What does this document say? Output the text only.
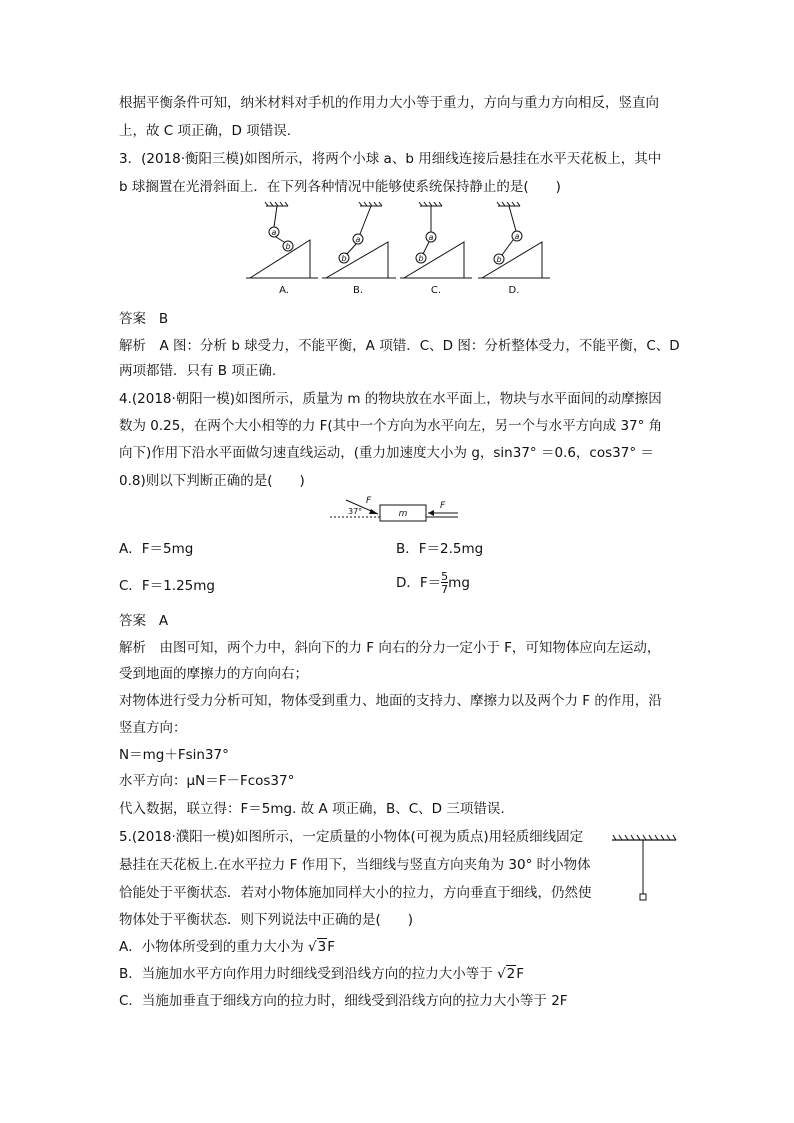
根据平衡条件可知，纳米材料对手机的作用力大小等于重力，方向与重力方向相反，竖直向
上，故 C 项正确，D 项错误.
3．(2018·衡阳三模)如图所示，将两个小球 a、b 用细线连接后悬挂在水平天花板上，其中
b 球搁置在光滑斜面上．在下列各种情况中能够使系统保持静止的是(　　)
a
b
a
b
a
b
a
b
A.	B.	C.	D.
答案 B
解析　A 图：分析 b 球受力，不能平衡，A 项错．C、D 图：分析整体受力，不能平衡，C、D
两项都错．只有 B 项正确.
4.(2018·朝阳一模)如图所示，质量为 m 的物块放在水平面上，物块与水平面间的动摩擦因
数为 0.25，在两个大小相等的力 F(其中一个方向为水平向左，另一个与水平方向成 37° 角
向下)作用下沿水平面做匀速直线运动，(重力加速度大小为 g，sin37° ＝0.6，cos37° ＝
0.8)则以下判断正确的是(　　)
F
37°	m
F
A．F＝5mg	B．F＝2.5mg
C．F＝1.25mg	D．$F= \frac{5}{7}$ mg
答案 A
解析　由图可知，两个力中，斜向下的力 F 向右的分力一定小于 F，可知物体应向左运动，
受到地面的摩擦力的方向向右；
对物体进行受力分析可知，物体受到重力、地面的支持力、摩擦力以及两个力 F 的作用，沿
竖直方向：
N＝mg＋Fsin37°
水平方向：μN＝F－Fcos37°
代入数据，联立得：F＝5mg. 故 A 项正确，B、C、D 三项错误.
5.(2018·濮阳一模)如图所示，一定质量的小物体(可视为质点)用轻质细线固定
悬挂在天花板上.在水平拉力 F 作用下，当细线与竖直方向夹角为 30° 时小物体
恰能处于平衡状态．若对小物体施加同样大小的拉力，方向垂直于细线，仍然使
物体处于平衡状态．则下列说法中正确的是(　　)
A．小物体所受到的重力大小为 √3F
B．当施加水平方向作用力时细线受到沿线方向的拉力大小等于 √2F
C．当施加垂直于细线方向的拉力时，细线受到沿线方向的拉力大小等于 2F
